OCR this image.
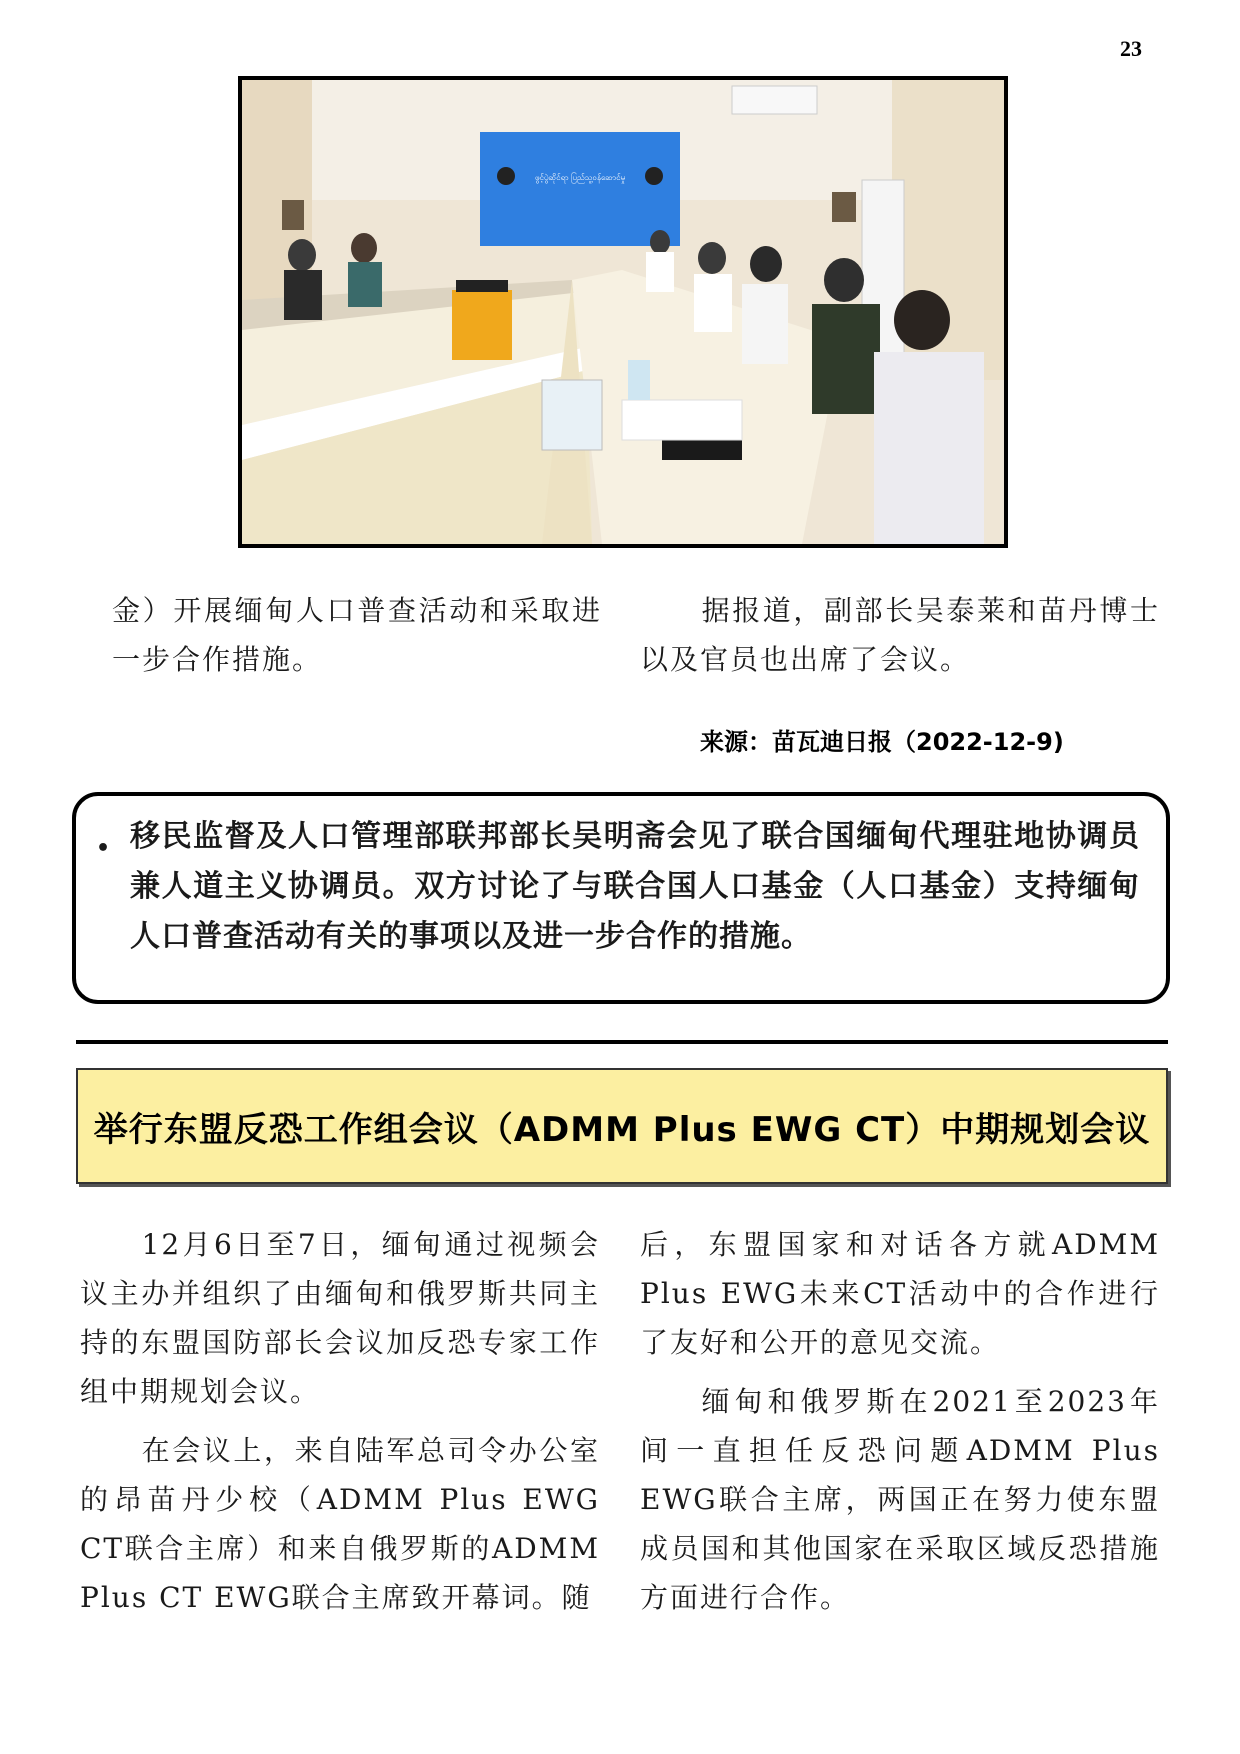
23
ဖွင့်ပွဲဆိုင်ရာ ပြည်သူ့ဝန်ဆောင်မှု

金）开展缅甸人口普查活动和采取进一步合作措施。

据报道，副部长吴泰莱和苗丹博士以及官员也出席了会议。

来源：苗瓦迪日报（2022-12-9)
• 移民监督及人口管理部联邦部长吴明斋会见了联合国缅甸代理驻地协调员兼人道主义协调员。双方讨论了与联合国人口基金（人口基金）支持缅甸人口普查活动有关的事项以及进一步合作的措施。

举行东盟反恐工作组会议（ADMM Plus EWG CT）中期规划会议

12月6日至7日，缅甸通过视频会议主办并组织了由缅甸和俄罗斯共同主持的东盟国防部长会议加反恐专家工作组中期规划会议。

在会议上，来自陆军总司令办公室的昂苗丹少校（ADMM Plus EWG CT联合主席）和来自俄罗斯的ADMM Plus CT EWG联合主席致开幕词。随

后，东盟国家和对话各方就ADMM Plus EWG未来CT活动中的合作进行了友好和公开的意见交流。

缅甸和俄罗斯在2021至2023年间一直担任反恐问题ADMM Plus EWG联合主席，两国正在努力使东盟成员国和其他国家在采取区域反恐措施方面进行合作。
